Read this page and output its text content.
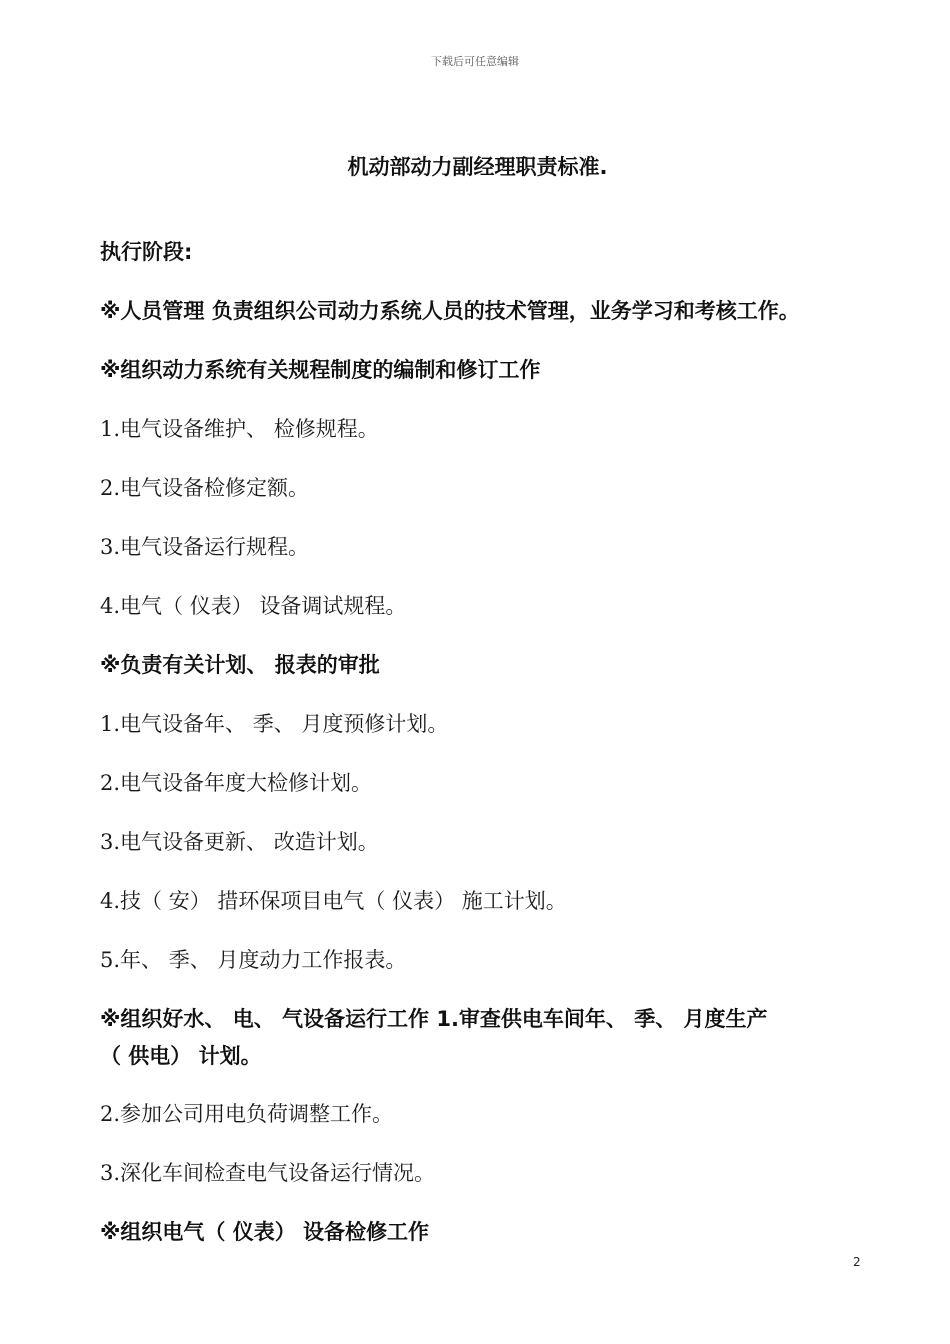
下载后可任意编辑
机动部动力副经理职责标准.
执行阶段:
※人员管理 负责组织公司动力系统人员的技术管理，业务学习和考核工作。
※组织动力系统有关规程制度的编制和修订工作
1.电气设备维护、 检修规程。
2.电气设备检修定额。
3.电气设备运行规程。
4.电气（ 仪表） 设备调试规程。
※负责有关计划、 报表的审批
1.电气设备年、 季、 月度预修计划。
2.电气设备年度大检修计划。
3.电气设备更新、 改造计划。
4.技（ 安） 措环保项目电气（ 仪表） 施工计划。
5.年、 季、 月度动力工作报表。
※组织好水、 电、 气设备运行工作 1.审查供电车间年、 季、 月度生产
（ 供电） 计划。
2.参加公司用电负荷调整工作。
3.深化车间检查电气设备运行情况。
※组织电气（ 仪表） 设备检修工作
2
